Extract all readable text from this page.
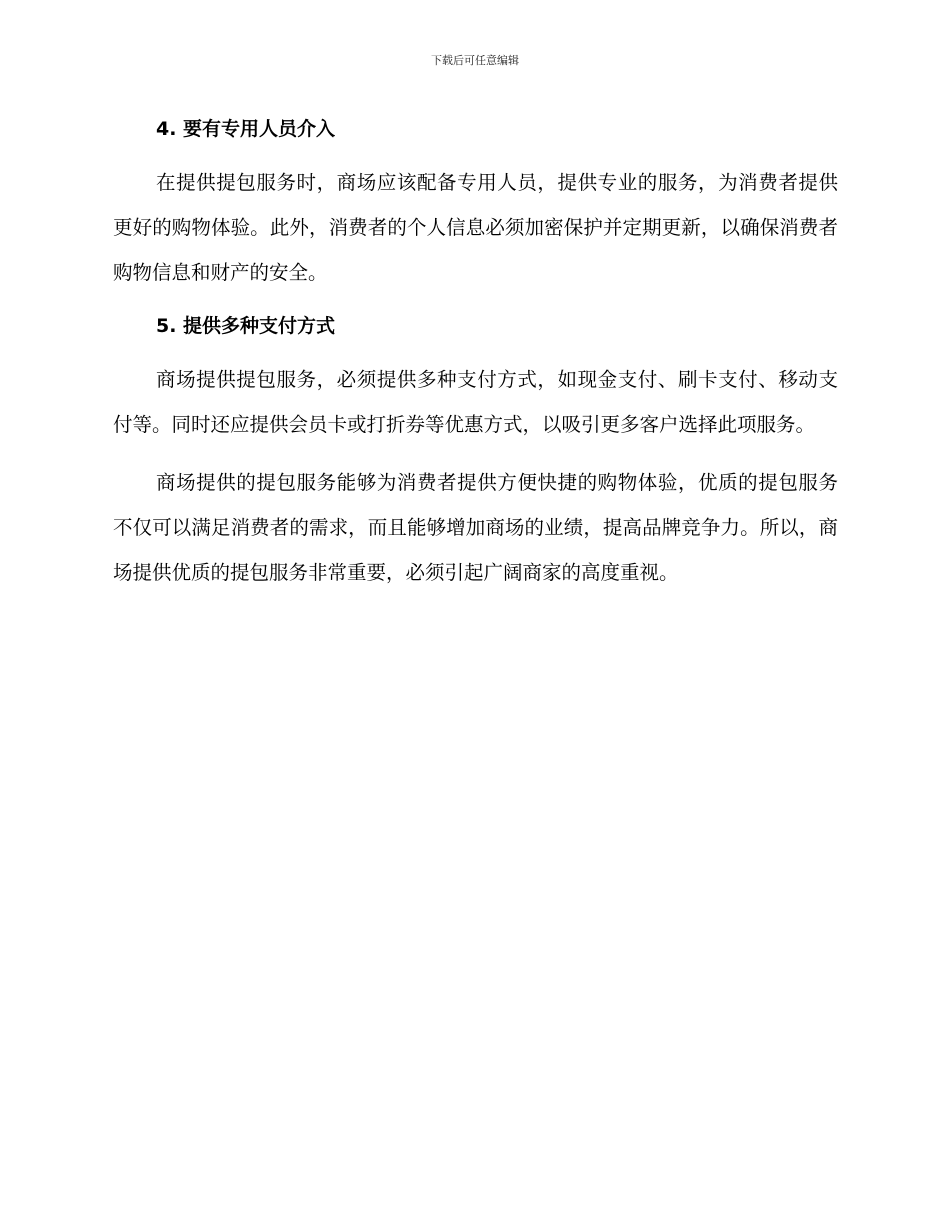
下载后可任意编辑
4. 要有专用人员介入

在提供提包服务时，商场应该配备专用人员，提供专业的服务，为消费者提供更好的购物体验。此外，消费者的个人信息必须加密保护并定期更新，以确保消费者购物信息和财产的安全。

5. 提供多种支付方式

商场提供提包服务，必须提供多种支付方式，如现金支付、刷卡支付、移动支付等。同时还应提供会员卡或打折券等优惠方式，以吸引更多客户选择此项服务。

商场提供的提包服务能够为消费者提供方便快捷的购物体验，优质的提包服务不仅可以满足消费者的需求，而且能够增加商场的业绩，提高品牌竞争力。所以，商场提供优质的提包服务非常重要，必须引起广阔商家的高度重视。
